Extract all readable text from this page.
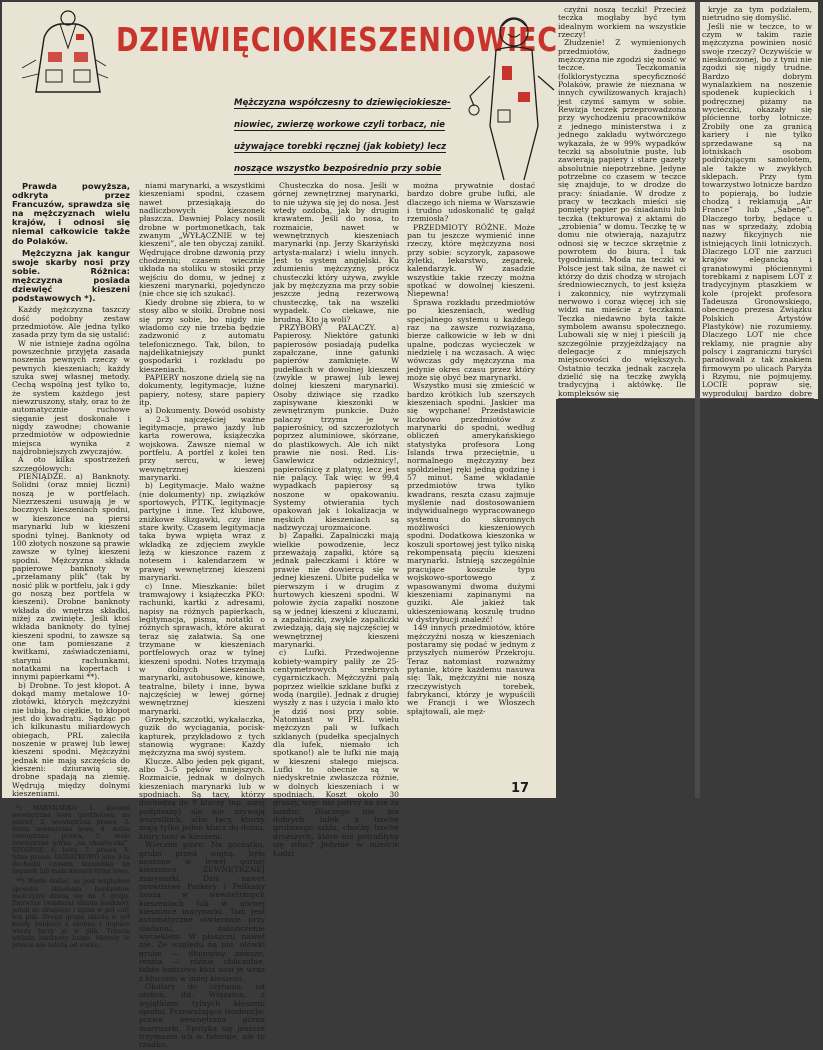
DZIEWIĘCIOKIESZENIOWIEC
Mężczyzna współczesny to dziewięciokiesze-
niowiec, zwierzę workowe czyli torbacz, nie
używające torebki ręcznej (jak kobiety) lecz
noszące wszystko bezpośrednio przy sobie

Prawda powyższa, odkryta przez Francuzów, sprawdza się na mężczyznach wielu krajów, i odnosi się niemal całkowicie także do Polaków.

Mężczyzna jak kangur swoje skarby nosi przy sobie. Różnica: mężczyzna posiada dziewięć kieszeni podstawowych *).

Każdy mężczyzna taszczy dość podobny zestaw przedmiotów. Ale jedna tylko zasada przy tym da się ustalić:

W nie istnieje żadna ogólna powszechnie przyjęta zasada noszenia pewnych rzeczy w pewnych kieszeniach; każdy szuka swej własnej metody. Cechą wspólną jest tylko to, że system każdego jest niewzruszony, stały, oraz to że automatycznie ruchowe sięganie jest doskonałe i nigdy zawodne; chowanie przedmiotów w odpowiednie miejsca wynika z najdrobniejszych zwyczajów.

A oto kilka spostrzeżeń szczegółowych:

PIENIĄDZE. a) Banknoty. Solidni (oraz mniej liczni) noszą je w portfelach. Niezrzeszeni usuwają je w bocznych kieszeniach spodni, w kieszonce na piersi marynarki lub w kieszeni spodni tylnej. Banknoty od 100 złotych noszone są prawie zawsze w tylnej kieszeni spodni. Mężczyzna składa papierowe banknoty w „przełamany plik” (tak by nosić plik w portfelu, jak i gdy go noszą bez portfela w kieszeni). Drobne banknoty wkłada do wnętrza składki, niżej za zwinięte. Jeśli ktoś wkłada banknoty do tylnej kieszeni spodni, to zawsze są one tam pomieszane z kwitkami, zaświadczeniami, starymi rachunkami, notatkami na kopertach i innymi papierkami **).

b) Drobne. To jest kłopot. A dokąd mamy metalowe 10-złotówki, których mężczyźni nie lubią, bo ciężkie, to kłopot jest do kwadratu. Sądząc po ich kilkunastu miliardowych obiegach, PRL zaleciła noszenie w prawej lub lewej kieszeni spodni. Mężczyźni jednak nie mają szczęścia do kieszeni: dziurawią się, drobne spadają na ziemię. Wędrują między dolnymi kieszeniami.

*) MARYNARKA: 1. kieszeń wewnętrzna lewa (portfelowa, na piersi), 2. wewnętrzna prawa, 3. dolna zewnętrzna lewa, 4. dolna zewnętrzna prawa, 5. mała zewnętrzna górna „na chusteczkę”. SPODNIE: 6. lewa, 7. prawa, 8. tylna prawa. DODATKOWO jako 9-ta dochodzi czasem kieszonka na zegarek lub mała kieszeń tylna lewa.

**) Warto dodać, że pod względem sposobu składania banknotów mężczyźni dzielą się na 3 grupy. Pierwsze (większa) składa banknoty jeden do drugiego i zgina w pół cały ten plik. Druga grupa składa w pół każdy banknot z osobna i dopiero wtedy łączy je w plik. Trzecia wkłada banknoty luźno. Metody te prawie nie zależą od wieku.

niami marynarki, a wszystkimi kieszeniami spodni, czasem nawet przesiąkają do nadliczbowych kieszonek płaszcza. Dawniej Polacy nosili drobne w portmonetkach, tak zwanym „WYŁĄCZNIE w tej kieszeni”, ale ten obyczaj zanikł. Wędrujące drobne dzwonią przy chodzeniu; czasem wiecznie układa na stoliku w stosiki przy wejściu do domu, w jednej z kieszeni marynarki, pojedynczo (nie chce się ich szukać).

Kiedy drobne się zbiera, to w stosy albo w słoiki. Drobne nosi się przy sobie, bo nigdy nie wiadomo czy nie trzeba będzie zadzwonić z automatu telefonicznego. Tak, bilon, to najdelikatniejszy punkt gospodarki i rozkładu po kieszeniach.

PAPIERY noszone dzielą się na dokumenty, legitymacje, luźne papiery, notesy, stare papiery itp.

a) Dokumenty. Dowód osobisty i 2–3 najczęściej ważne legitymacje, prawo jazdy lub karta rowerowa, książeczka wojskowa. Zawsze niemal w portfelu. A portfel z kolei ten przy sercu, w lewej wewnętrznej kieszeni marynarki.

b) Legitymacje. Mało ważne (nie dokumenty) np. związków sportowych, PTTK, legitymacje partyjne i inne. Też klubowe, zniżkowe ślizgawki, czy inne stare kwity. Czasem legitymacja taka bywa wpięta wraz z wkładką ze zdjęciem zwykle leżą w kieszonce razem z notesem i kalendarzem w prawej wewnętrznej kieszeni marynarki.

c) Inne. Mieszkanie: bilet tramwajowy i książeczka PKO: rachunki, kartki z adresami, napisy na różnych papierkach, legitymacja, pisma, notatki o różnych sprawach, które akurat teraz się załatwia. Są one trzymane w kieszeniach portfelowych oraz w tylnej kieszeni spodni. Notes trzymają w dolnych kieszeniach marynarki, autobusowe, kinowe, teatralne, bilety i inne, bywa najczęściej w lewej górnej wewnętrznej kieszeni marynarki.

Grzebyk, szczotki, wykałaczka, guzik do wyciągania, pocisk-kapturek, przykładowo z tych stanowią wygrane: Każdy mężczyzna ma swój system.

Klucze. Albo jeden pęk gigant, albo 3–5 pęków mniejszych. Rozmaicie, jednak w dolnych kieszeniach marynarki lub w spodniach. Są tacy, którzy dochodzą do 9 kluczy (np. niżej podpisany) ale nie używają wszystkich, albo tacy, którzy mają tylko jeden klucz do domu, który nosi w kieszeni.

Wieczne pióro. Na początku, grubo przed wojną, było noszone w lewej górnej kieszonce ZEWNĘTRZNEJ marynarki. Dziś nawet prawdziwe Parkery i Pelikany noszą w wewnętrznych kieszeniach lub w górnej kieszonce marynarki. Tam jest automatyczne otwieranie przy siadaniu, zakończenie wyciekiem. W płaszczu nawet nie. Ze względu na nie, ołówki grube — długopisy zawsze; reszta — różnie obliczalne, także końcowo ktoś nosi je wraz z kluczem w innej kieszeni.

Okulary do czytania, od słońca, itd. Wiązania, z wyjątkiem tylnych kieszeni spodni. Przeważająca tendencja: prawa wewnętrzna górna marynarki. Spotyka się jeszcze trzymanie ich w futerale, ale to rzadko.

Chusteczka do nosa. Jeśli w górnej zewnętrznej marynarki, to nie używa się jej do nosa. Jest wtedy ozdobą, jak by drugim krawatem. Jeśli do nosa, to rozmaicie, nawet w wewnętrznych kieszeniach marynarki (np. Jerzy Skarżyński artysta-malarz) i wielu innych. Jest to system angielski. Ku zdumieniu mężczyzny, prócz chusteczki który używa, zwykle jak by mężczyzna ma przy sobie jeszcze jedną rezerwową chusteczkę, tak na wszelki wypadek. Co ciekawe, nie brudną. Kto ją woli?

PRZYBORY PALACZY. a) Papierosy. Niektóre gatunki papierosów posiadają pudełka zapałczane, inne gatunki papierów zamknięte. W pudełkach w dowolnej kieszeni (zwykle w prawej lub lewej dolnej kieszeni marynarki). Osoby dziwiące się rzadko zapisywane kieszonki w zewnętrznym punkcie. Dużo palaczy trzyma je w papierośnicy, od szczerozłotych poprzez aluminiowe, skórzane, do plastikowych. Ale ich nikt prawie nie nosi. Red. Lis-Gawlewicz odzieżnicy!, papierośnicę z platyny, lecz jest nie palący. Tak więc w 99,4 wypadkach papierosy są noszone w opakowaniu. Systemy otwierania tych opakowań jak i lokalizacja w męskich kieszeniach są nadzwyczaj urozmaicone.

b) Zapałki. Zapalniczki mają wielkie powodzenie, lecz przeważają zapałki, które są jednak pałeczkami i które w prawie nie dowiercą się w jednej kieszeni. Ubite pudełka w pierwszym i w drugim z hurtowych kieszeni spodni. W połowie życia zapałki noszone są w jednej kieszeni z kluczami, a zapalniczki, zwykle zapaliczki zwiedzają, dają się najczęściej w wewnętrznej kieszeni marynarki.

c) Lufki. Przedwojenne kobiety-wampiry paliły ze 25-centymetrowych srebrnych cygarniczkach. Mężczyźni palą poprzez wielkie szklane bufki z wodą (nargile). Jednak z drugiej wyszły z nas i użycia i mało kto je dziś nosi przy sobie. Natomiast w PRL wielu mężczyzn pali w lufkach szklanych (pudełka specjalnych dla lufek, niemało ich spotkano!) ale te lufki nie mają w kieszeni stałego miejsca. Lufki to obecnie są w niedyskretnie zwłaszcza różnie, w dolnych kieszeniach i w spodniach. Koszt około 30 groszy, więc nie patrzy na nie za bardzo. Dlaczego nie ma dobrych lufek z trochę grubszego szkła, choćby trochę droższych, które nie potrafiłyby się stłuc? Jedynie w mieście Łodzi

można prywatnie dostać bardzo dobre grube lufki, ale dlaczego ich niema w Warszawie i trudno udoskonalić tę gałąź rzemiosła?

PRZEDMIOTY RÓŻNE. Może pan tu jeszcze wymienić inne rzeczy, które mężczyzna nosi przy sobie: scyzoryk, zapasowe żyletki, lekarstwo, zegarek, kalendarzyk. W zasadzie wszystkie takie rzeczy można spotkać w dowolnej kieszeni. Niepewna!

Sprawa rozkładu przedmiotów po kieszeniach, według specjalnego systemu u każdego raz na zawsze rozwiązana, bierze całkowicie w łeb w dni upalne, podczas wycieczek w niedzielę i na wczasach. A więc wówczas gdy mężczyzna ma jedynie okres czasu przez który może się obyć bez marynarki.

Wszystko musi się zmieścić w bardzo krótkich lub szerszych kieszeniach spodni. Jaskier ma się wypchane! Przedstawicie liczbowo przedmiotów z marynarki do spodni, według obliczeń amerykańskiego statystyka profesora Long Islands trwa przeciętnie, u normalnego mężczyzny bez spółdzielnej ręki jedną godzinę i 57 minut. Same wkładanie przedmiotów trwa tylko kwadrans, reszta czasu zajmuje myślenie nad dostosowaniem indywidualnego wypracowanego systemu do skromnych możliwości kieszeniowych spodni. Dodatkowa kieszonka w koszuli sportowej jest tylko niską rekompensatą pięciu kieszeni marynarki. Istnieją szczególnie pracujące koszule typu wojskowo-sportowego z wpasowanymi dwoma dużymi kieszeniami zapinanymi na guziki. Ale jakież tak ukieszeniowaną koszulę trudno w dystrybucji znaleźć!

149 innych przedmiotów, które mężczyźni noszą w kieszeniach postaramy się podać w jednym z przyszłych numerów Przekroju. Teraz natomiast rozważmy pytanie, które każdemu nasuwa się: Tak, mężczyźni nie noszą rzeczywistych torebek, fabrykanci, którzy je wypuścili we Francji i we Włoszech spłajtowali, ale męż-

17

czyźni noszą teczki! Przecież teczka mogłaby być tym idealnym workiem na wszystkie rzeczy!

Złudzenie! Z wymienionych przedmiotów, żadnego mężczyzna nie zgodzi się nosić w teczce. Teczkomania (folklorystyczna specyficzność Polaków, prawie że nieznana w innych cywilizowanych krajach) jest czymś samym w sobie. Rewizja teczek przeprowadzona przy wychodzeniu pracowników z jednego ministerstwa i z jednego zakładu wytwórczego wykazała, że w 99% wypadków teczki są absolutnie puste, lub zawierają papiery i stare gazety absolutnie niepotrzebne. Jedyne potrzebne co czasem w teczce się znajduje, to w drodze do pracy: śniadanie. W drodze z pracy w teczkach mieści się pomięty papier po śniadaniu lub teczka (tekturowa) z aktami do „zrobienia” w domu. Teczkę tę w domu nie otwierają, nazajutrz odnosi się w teczce skrzętnie z powrotem do biura. I tak tygodniami. Moda na teczki w Polsce jest tak silna, że nawet ci którzy do dziś chodzą w strojach średniowiecznych, to jest księża i zakonnicy, nie wytrzymali nerwowo i coraz więcej ich się widzi na mieście z teczkami. Teczka niedawno była także symbolem awansu społecznego. Lubowali się w niej i pieścili ją szczególnie przyjeżdżający na delegacje z mniejszych miejscowości do większych. Ostatnio teczka jednak zaczęła dzielić się na teczkę zwykłą tradycyjną i aktówkę. Ile kompleksów się

kryje za tym podziałem, nietrudno się domyślić.

Jeśli nie w teczce, to w czym w takim razie mężczyzna powinien nosić swoje rzeczy? Oczywiście w nieskończonej, bo z tymi nie zgodzi się nigdy trudne. Bardzo dobrym wynalazkiem na noszenie spodenek kupieckich i podręcznej piżamy na wycieczki, okazały się płócienne torby lotnicze. Zrobiły one za granicą kariery i nie tylko sprzedawane są na lotniskach osobom podróżującym samolotem, ale także w zwykłych sklepach. Przy tym towarzystwo lotnicze bardzo to popierają, bo ludzie chodzą i reklamują „Air France” lub „Sabenę”. Dlaczego torby, będące u nas w sprzedaży, zdobią nazwy fikcyjnych nie istniejących linii lotniczych. Dlaczego LOT nie zarzuci krajów elegancką i granatowymi płóciennymi torebkami z napisem LOT z tradycyjnym ptaszkiem w kole (projekt profesora Tadeusza Gronowskiego, obecnego prezesa Związku Polskich Artystów Plastyków) nie rozumiemy. Dlaczego LOT nie chce reklamy, nie pragnie aby polscy i zagraniczni turyści paradowali z tak znakiem firmowym po ulicach Paryża i Rzymu, nie pojmujemy. LOCIE popraw się, wyprodukuj bardzo dobre
